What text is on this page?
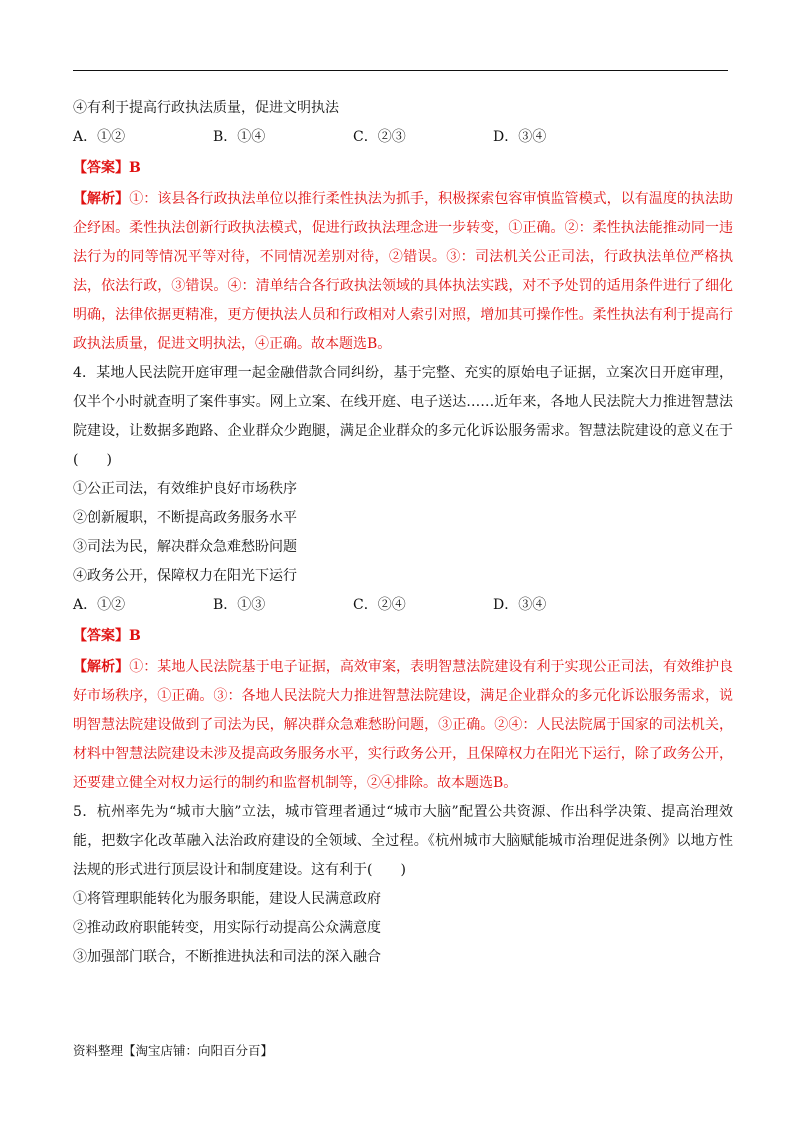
④有利于提高行政执法质量，促进文明执法
A．①②	B．①④	C．②③	D．③④
【答案】B
【解析】①：该县各行政执法单位以推行柔性执法为抓手，积极探索包容审慎监管模式，以有温度的执法助企纾困。柔性执法创新行政执法模式，促进行政执法理念进一步转变，①正确。②：柔性执法能推动同一违法行为的同等情况平等对待，不同情况差别对待，②错误。③：司法机关公正司法，行政执法单位严格执法，依法行政，③错误。④：清单结合各行政执法领域的具体执法实践，对不予处罚的适用条件进行了细化明确，法律依据更精准，更方便执法人员和行政相对人索引对照，增加其可操作性。柔性执法有利于提高行政执法质量，促进文明执法，④正确。故本题选B。
4．某地人民法院开庭审理一起金融借款合同纠纷，基于完整、充实的原始电子证据，立案次日开庭审理，仅半个小时就查明了案件事实。网上立案、在线开庭、电子送达……近年来，各地人民法院大力推进智慧法院建设，让数据多跑路、企业群众少跑腿，满足企业群众的多元化诉讼服务需求。智慧法院建设的意义在于(　　)
①公正司法，有效维护良好市场秩序
②创新履职，不断提高政务服务水平
③司法为民，解决群众急难愁盼问题
④政务公开，保障权力在阳光下运行
A．①②	B．①③	C．②④	D．③④
【答案】B
【解析】①：某地人民法院基于电子证据，高效审案，表明智慧法院建设有利于实现公正司法，有效维护良好市场秩序，①正确。③：各地人民法院大力推进智慧法院建设，满足企业群众的多元化诉讼服务需求，说明智慧法院建设做到了司法为民，解决群众急难愁盼问题，③正确。②④：人民法院属于国家的司法机关，材料中智慧法院建设未涉及提高政务服务水平，实行政务公开，且保障权力在阳光下运行，除了政务公开，还要建立健全对权力运行的制约和监督机制等，②④排除。故本题选B。
5．杭州率先为“城市大脑”立法，城市管理者通过“城市大脑”配置公共资源、作出科学决策、提高治理效能，把数字化改革融入法治政府建设的全领域、全过程。《杭州城市大脑赋能城市治理促进条例》以地方性法规的形式进行顶层设计和制度建设。这有利于(　　)
①将管理职能转化为服务职能，建设人民满意政府
②推动政府职能转变，用实际行动提高公众满意度
③加强部门联合，不断推进执法和司法的深入融合
资料整理【淘宝店铺：向阳百分百】
